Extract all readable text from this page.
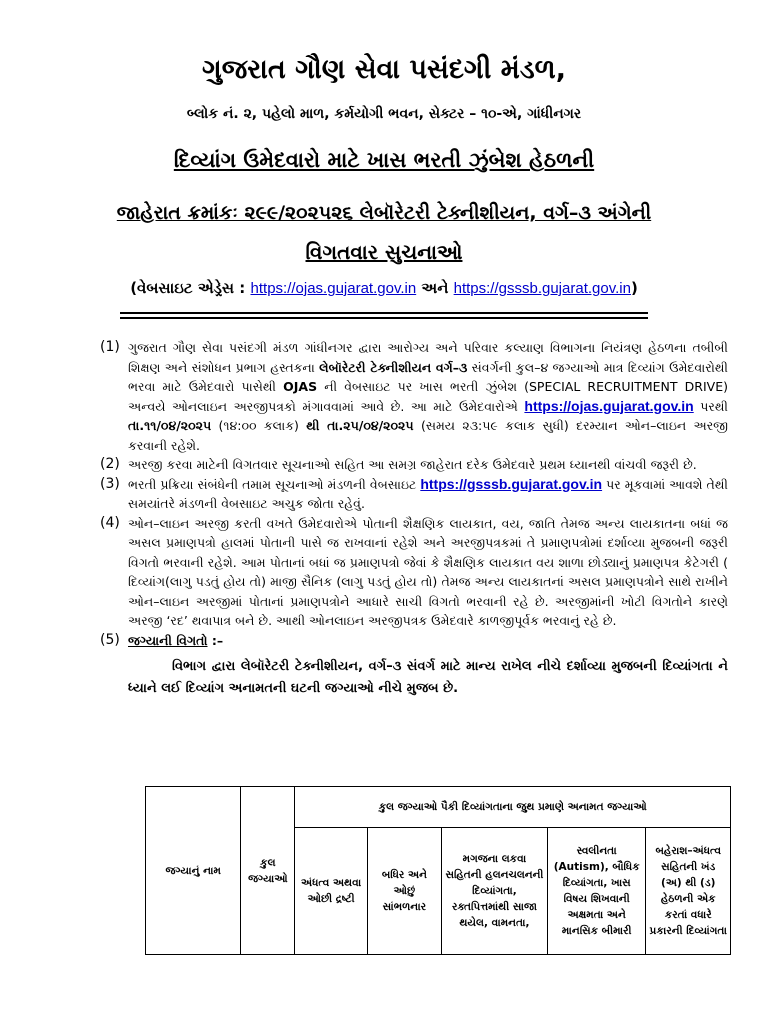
ગુજરાત ગૌણ સેવા પસંદગી મંડળ,
બ્લોક નં. ૨, પહેલો માળ, કર્મયોગી ભવન, સેક્ટર – ૧૦-એ, ગાંધીનગર
દિવ્યાંગ ઉમેદવારો માટે ખાસ ભરતી ઝુંબેશ હેઠળની
જાહેરાત ક્રમાંકઃ ૨૯૯/૨૦૨૫૨૬ લેબૉરેટરી ટેક્નીશીયન, વર્ગ–૩ અંગેની
વિગતવાર સુચનાઓ
(વેબસાઇટ એડ્રેસ : https://ojas.gujarat.gov.in અને https://gsssb.gujarat.gov.in)
(1) ગુજરાત ગૌણ સેવા પસંદગી મંડળ ગાંધીનગર દ્વારા આરોગ્ય અને પરિવાર કલ્યાણ વિભાગના નિયંત્રણ હેઠળના તબીબી શિક્ષણ અને સંશોધન પ્રભાગ હસ્તકના લેબૉરેટરી ટેક્નીશીયન વર્ગ–૩ સંવર્ગની કુલ–૪ જગ્યાઓ માત્ર દિવ્યાંગ ઉમેદવારોથી ભરવા માટે ઉમેદવારો પાસેથી OJAS ની વેબસાઇટ પર ખાસ ભરતી ઝુંબેશ (SPECIAL RECRUITMENT DRIVE) અન્વયે ઓનલાઇન અરજીપત્રકો મંગાવવામાં આવે છે. આ માટે ઉમેદવારોએ https://ojas.gujarat.gov.in પરથી તા.૧૧/૦૪/૨૦૨૫ (૧૪:૦૦ કલાક) થી તા.૨૫/૦૪/૨૦૨૫ (સમય ૨૩:૫૯ કલાક સુધી) દરમ્યાન ઓન–લાઇન અરજી કરવાની રહેશે.
(2) અરજી કરવા માટેની વિગતવાર સૂચનાઓ સહિત આ સમગ્ર જાહેરાત દરેક ઉમેદવારે પ્રથમ ધ્યાનથી વાંચવી જરૂરી છે.
(3) ભરતી પ્રક્રિયા સંબંધેની તમામ સૂચનાઓ મંડળની વેબસાઇટ https://gsssb.gujarat.gov.in પર મૂકવામાં આવશે તેથી સમયાંતરે મંડળની વેબસાઇટ અચુક જોતા રહેવું.
(4) ઓન–લાઇન અરજી કરતી વખતે ઉમેદવારોએ પોતાની શૈક્ષણિક લાયકાત, વય, જાતિ તેમજ અન્ય લાયકાતના બધાં જ અસલ પ્રમાણપત્રો હાલમાં પોતાની પાસે જ રાખવાનાં રહેશે અને અરજીપત્રકમાં તે પ્રમાણપત્રોમાં દર્શાવ્યા મુજબની જરૂરી વિગતો ભરવાની રહેશે. આમ પોતાનાં બધાં જ પ્રમાણપત્રો જેવાં કે શૈક્ષણિક લાયકાત વય શાળા છોડ્યાનું પ્રમાણપત્ર કેટેગરી ( દિવ્યાંગ(લાગુ પડતું હોય તો) માજી સૈનિક (લાગુ પડતું હોય તો) તેમજ અન્ય લાયકાતનાં અસલ પ્રમાણપત્રોને સાથે રાખીને ઓન–લાઇન અરજીમાં પોતાનાં પ્રમાણપત્રોને આધારે સાચી વિગતો ભરવાની રહે છે. અરજીમાંની ખોટી વિગતોને કારણે અરજી ‘રદ’ થવાપાત્ર બને છે. આથી ઓનલાઇન અરજીપત્રક ઉમેદવારે કાળજીપૂર્વક ભરવાનું રહે છે.
(5) જગ્યાની વિગતો :–
વિભાગ દ્વારા લેબૉરેટરી ટેક્નીશીયન, વર્ગ–૩ સંવર્ગ માટે માન્ય રાખેલ નીચે દર્શાવ્યા મુજબની દિવ્યાંગતા ને ધ્યાને લઈ દિવ્યાંગ અનામતની ઘટની જગ્યાઓ નીચે મુજબ છે.
જગ્યાનું નામ	કુલ જગ્યાઓ	કુલ જગ્યાઓ પૈકી દિવ્યાંગતાના જુથ પ્રમાણે અનામત જગ્યાઓ				
		અંધત્વ અથવા ઓછી દ્રષ્ટી	બધિર અને ઓછું સાંભળનાર	મગજના લકવા સહિતની હલનચલનની દિવ્યાંગતા, રક્તપિત્તમાંથી સાજા થયેલ, વામનતા,	સ્વલીનતા (Autism), બૌધિક દિવ્યાંગતા, ખાસ વિષય શિખવાની અક્ષમતા અને માનસિક બીમારી	બહેરાશ–અંધત્વ સહિતની ખંડ (અ) થી (ડ) હેઠળની એક કરતાં વધારે પ્રકારની દિવ્યાંગતા
